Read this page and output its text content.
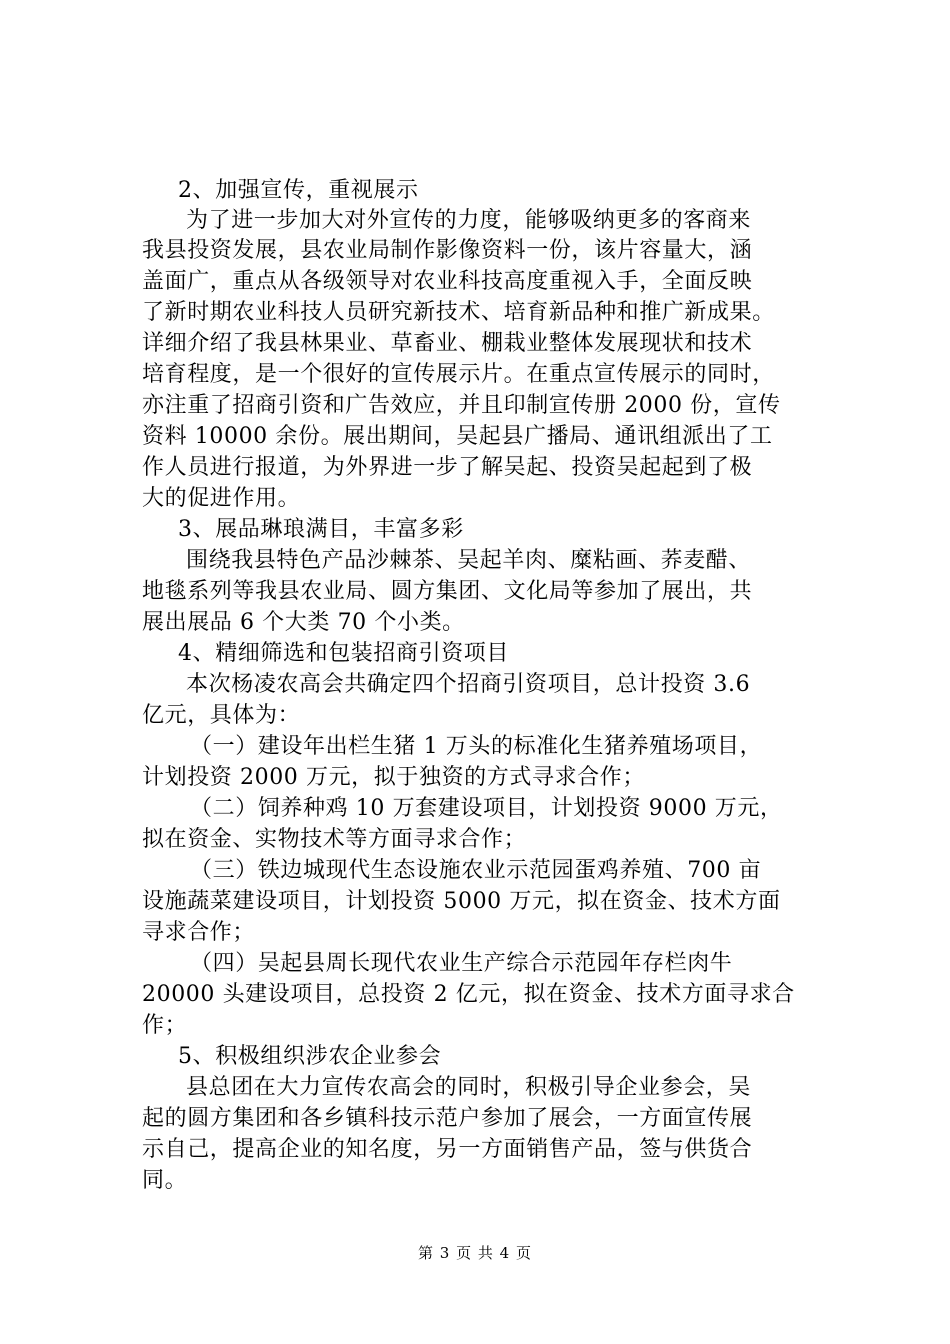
2、加强宣传，重视展示
为了进一步加大对外宣传的力度，能够吸纳更多的客商来
我县投资发展，县农业局制作影像资料一份，该片容量大，涵
盖面广，重点从各级领导对农业科技高度重视入手，全面反映
了新时期农业科技人员研究新技术、培育新品种和推广新成果。
详细介绍了我县林果业、草畜业、棚栽业整体发展现状和技术
培育程度，是一个很好的宣传展示片。在重点宣传展示的同时，
亦注重了招商引资和广告效应，并且印制宣传册 2000 份，宣传
资料 10000 余份。展出期间，吴起县广播局、通讯组派出了工
作人员进行报道，为外界进一步了解吴起、投资吴起起到了极
大的促进作用。
3、展品琳琅满目，丰富多彩
围绕我县特色产品沙棘茶、吴起羊肉、糜粘画、荞麦醋、
地毯系列等我县农业局、圆方集团、文化局等参加了展出，共
展出展品 6 个大类 70 个小类。
4、精细筛选和包装招商引资项目
本次杨凌农高会共确定四个招商引资项目，总计投资 3.6
亿元，具体为：
（一）建设年出栏生猪 1 万头的标准化生猪养殖场项目，
计划投资 2000 万元，拟于独资的方式寻求合作；
（二）饲养种鸡 10 万套建设项目，计划投资 9000 万元，
拟在资金、实物技术等方面寻求合作；
（三）铁边城现代生态设施农业示范园蛋鸡养殖、700 亩
设施蔬菜建设项目，计划投资 5000 万元，拟在资金、技术方面
寻求合作；
（四）吴起县周长现代农业生产综合示范园年存栏肉牛
20000 头建设项目，总投资 2 亿元，拟在资金、技术方面寻求合
作；
5、积极组织涉农企业参会
县总团在大力宣传农高会的同时，积极引导企业参会，吴
起的圆方集团和各乡镇科技示范户参加了展会，一方面宣传展
示自己，提高企业的知名度，另一方面销售产品，签与供货合
同。
第 3 页 共 4 页
